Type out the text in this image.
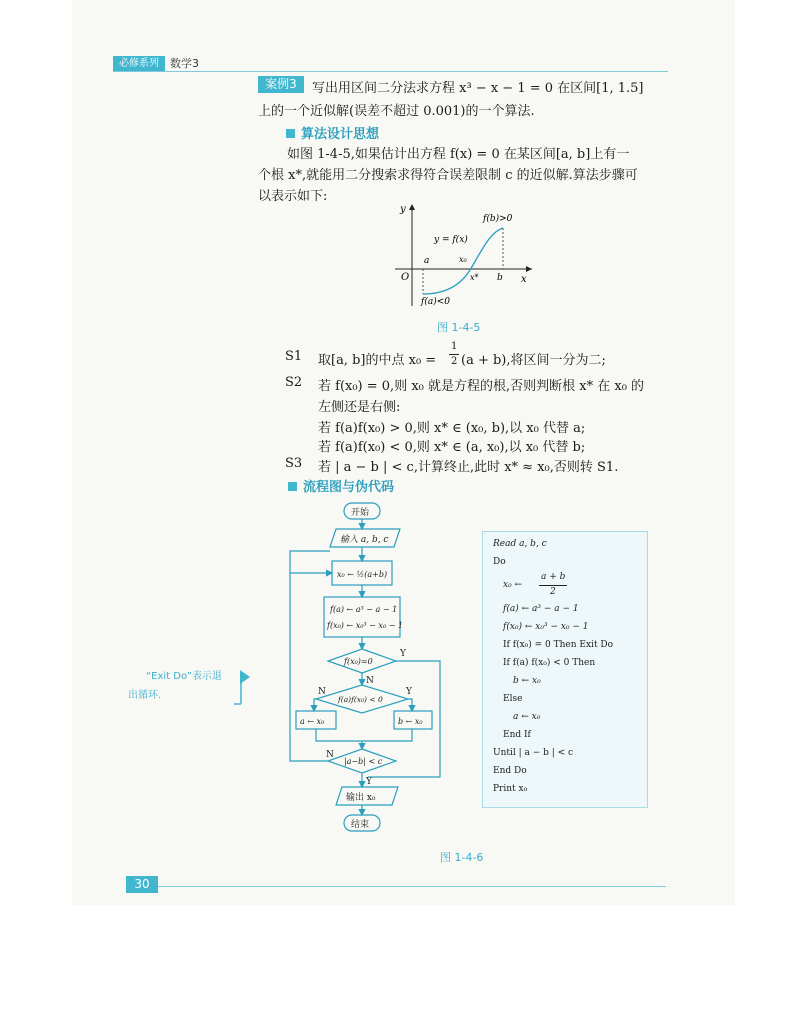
必修系列	数学3
案例3	写出用区间二分法求方程 x³ − x − 1 = 0 在区间[1, 1.5]
上的一个近似解(误差不超过 0.001)的一个算法.
算法设计思想
如图 1-4-5,如果估计出方程 f(x) = 0 在某区间[a, b]上有一
个根 x*,就能用二分搜索求得符合误差限制 c 的近似解.算法步骤可
以表示如下:
y
x
O
y = f(x)
f(b)>0
f(a)<0
a	x₀
x* b
图 1-4-5
S1 取[a, b]的中点 x₀ =
1
2 (a + b),将区间一分为二;
S2 若 f(x₀) = 0,则 x₀ 就是方程的根,否则判断根 x* 在 x₀ 的
左侧还是右侧:
若 f(a)f(x₀) > 0,则 x* ∈ (x₀, b),以 x₀ 代替 a;
若 f(a)f(x₀) < 0,则 x* ∈ (a, x₀),以 x₀ 代替 b;
S3 若 | a − b | < c,计算终止,此时 x* ≈ x₀,否则转 S1.
流程图与伪代码
开始
输入 a, b, c
x₀ ← ½(a+b)
f(a) ← a³ − a − 1
f(x₀) ← x₀³ − x₀ − 1
f(x₀)=0
Y
N
f(a)f(x₀) < 0
N	Y
a ← x₀	b ← x₀
|a−b| < c
N
Y
输出 x₀
结束
“Exit Do”表示退
出循环.
Read a, b, c
Do
x₀ ←
a + b
2
f(a) ← a³ − a − 1
f(x₀) ← x₀³ − x₀ − 1
If f(x₀) = 0 Then Exit Do
If f(a) f(x₀) < 0 Then
b ← x₀
Else
a ← x₀
End If
Until | a − b | < c
End Do
Print x₀
图 1-4-6
30
